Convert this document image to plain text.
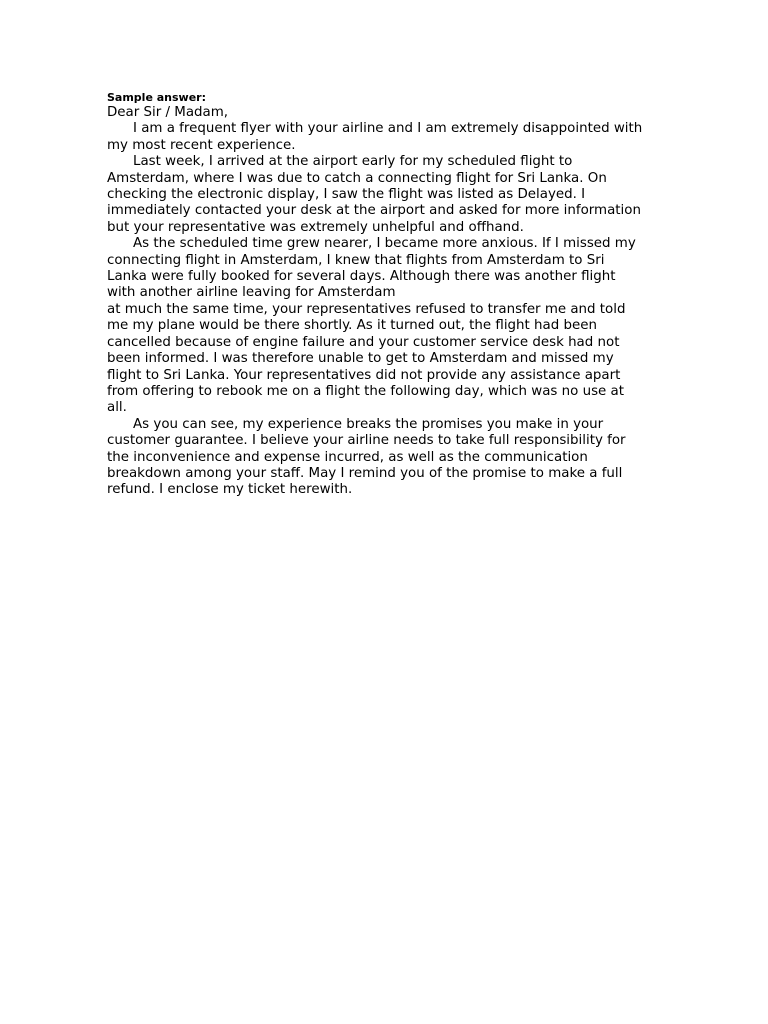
Sample answer:

Dear Sir / Madam,

I am a frequent flyer with your airline and I am extremely disappointed with

my most recent experience.

Last week, I arrived at the airport early for my scheduled flight to

Amsterdam, where I was due to catch a connecting flight for Sri Lanka. On

checking the electronic display, I saw the flight was listed as Delayed. I

immediately contacted your desk at the airport and asked for more information

but your representative was extremely unhelpful and offhand.

As the scheduled time grew nearer, I became more anxious. If I missed my

connecting flight in Amsterdam, I knew that flights from Amsterdam to Sri

Lanka were fully booked for several days. Although there was another flight

with another airline leaving for Amsterdam

at much the same time, your representatives refused to transfer me and told

me my plane would be there shortly. As it turned out, the flight had been

cancelled because of engine failure and your customer service desk had not

been informed. I was therefore unable to get to Amsterdam and missed my

flight to Sri Lanka. Your representatives did not provide any assistance apart

from offering to rebook me on a flight the following day, which was no use at

all.

As you can see, my experience breaks the promises you make in your

customer guarantee. I believe your airline needs to take full responsibility for

the inconvenience and expense incurred, as well as the communication

breakdown among your staff. May I remind you of the promise to make a full

refund. I enclose my ticket herewith.
